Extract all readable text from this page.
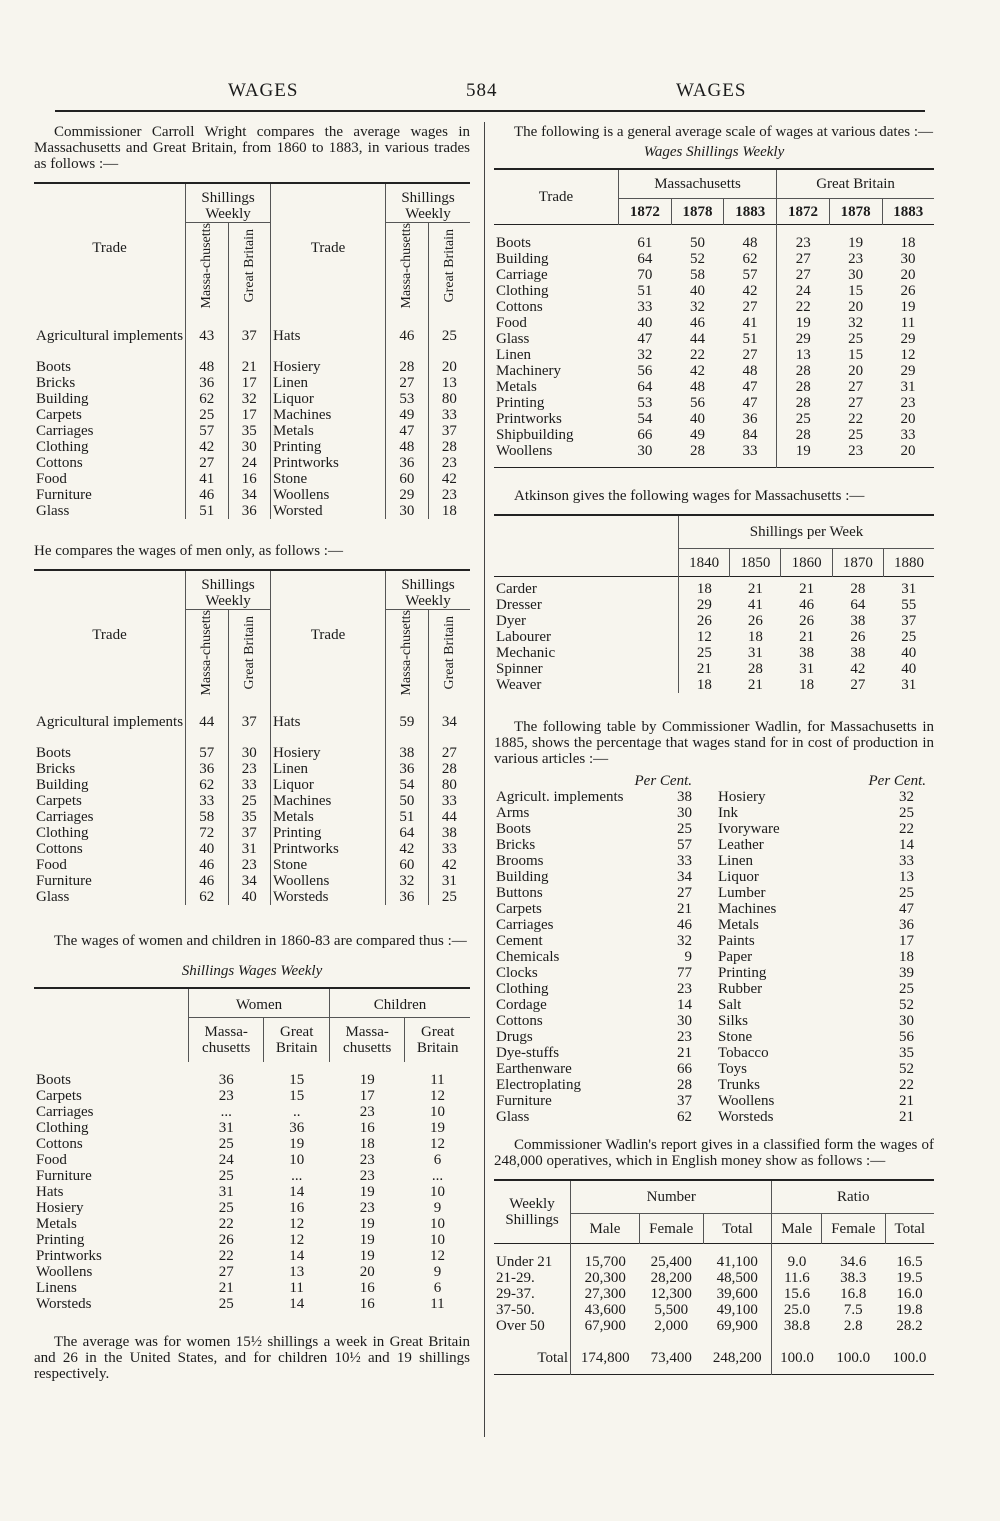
WAGES	584	WAGES

Commissioner Carroll Wright compares the average wages in Massachusetts and Great Britain, from 1860 to 1883, in various trades as follows :—

Trade	Shillings Weekly		Trade	Shillings Weekly	
	Massa-chusetts	Great Britain		Massa-chusetts	Great Britain
Agricultural implements	43	37	Hats	46	25
Boots	48	21	Hosiery	28	20
Bricks	36	17	Linen	27	13
Building	62	32	Liquor	53	80
Carpets	25	17	Machines	49	33
Carriages	57	35	Metals	47	37
Clothing	42	30	Printing	48	28
Cottons	27	24	Printworks	36	23
Food	41	16	Stone	60	42
Furniture	46	34	Woollens	29	23
Glass	51	36	Worsted	30	18

He compares the wages of men only, as follows :—

Trade	Shillings Weekly		Trade	Shillings Weekly	
	Massa-chusetts	Great Britain		Massa-chusetts	Great Britain
Agricultural implements	44	37	Hats	59	34
Boots	57	30	Hosiery	38	27
Bricks	36	23	Linen	36	28
Building	62	33	Liquor	54	80
Carpets	33	25	Machines	50	33
Carriages	58	35	Metals	51	44
Clothing	72	37	Printing	64	38
Cottons	40	31	Printworks	42	33
Food	46	23	Stone	60	42
Furniture	46	34	Woollens	32	31
Glass	62	40	Worsteds	36	25

The wages of women and children in 1860-83 are compared thus :—

Shillings Wages Weekly
	Women		Children	
	Massa-chusetts	Great Britain	Massa-chusetts	Great Britain
Boots	36	15	19	11
Carpets	23	15	17	12
Carriages	...	..	23	10
Clothing	31	36	16	19
Cottons	25	19	18	12
Food	24	10	23	6
Furniture	25	...	23	...
Hats	31	14	19	10
Hosiery	25	16	23	9
Metals	22	12	19	10
Printing	26	12	19	10
Printworks	22	14	19	12
Woollens	27	13	20	9
Linens	21	11	16	6
Worsteds	25	14	16	11

The average was for women 15½ shillings a week in Great Britain and 26 in the United States, and for children 10½ and 19 shillings respectively.

The following is a general average scale of wages at various dates :—

Wages Shillings Weekly
Trade	Massachusetts			Great Britain		
	1872	1878	1883	1872	1878	1883
Boots	61	50	48	23	19	18
Building	64	52	62	27	23	30
Carriage	70	58	57	27	30	20
Clothing	51	40	42	24	15	26
Cottons	33	32	27	22	20	19
Food	40	46	41	19	32	11
Glass	47	44	51	29	25	29
Linen	32	22	27	13	15	12
Machinery	56	42	48	28	20	29
Metals	64	48	47	28	27	31
Printing	53	56	47	28	27	23
Printworks	54	40	36	25	22	20
Shipbuilding	66	49	84	28	25	33
Woollens	30	28	33	19	23	20

Atkinson gives the following wages for Massachusetts :—

	Shillings per Week				
	1840	1850	1860	1870	1880
Carder	18	21	21	28	31
Dresser	29	41	46	64	55
Dyer	26	26	26	38	37
Labourer	12	18	21	26	25
Mechanic	25	31	38	38	40
Spinner	21	28	31	42	40
Weaver	18	21	18	27	31

The following table by Commissioner Wadlin, for Massachusetts in 1885, shows the percentage that wages stand for in cost of production in various articles :—

Per Cent.
Agricult. implements	38
Arms	30
Boots	25
Bricks	57
Brooms	33
Building	34
Buttons	27
Carpets	21
Carriages	46
Cement	32
Chemicals	9
Clocks	77
Clothing	23
Cordage	14
Cottons	30
Drugs	23
Dye-stuffs	21
Earthenware	66
Electroplating	28
Furniture	37
Glass	62
Per Cent.
Hosiery	32
Ink	25
Ivoryware	22
Leather	14
Linen	33
Liquor	13
Lumber	25
Machines	47
Metals	36
Paints	17
Paper	18
Printing	39
Rubber	25
Salt	52
Silks	30
Stone	56
Tobacco	35
Toys	52
Trunks	22
Woollens	21
Worsteds	21

Commissioner Wadlin's report gives in a classified form the wages of 248,000 operatives, which in English money show as follows :—

Weekly Shillings	Number			Ratio		
	Male	Female	Total	Male	Female	Total
Under 21	15,700	25,400	41,100	9.0	34.6	16.5
21-29.	20,300	28,200	48,500	11.6	38.3	19.5
29-37.	27,300	12,300	39,600	15.6	16.8	16.0
37-50.	43,600	5,500	49,100	25.0	7.5	19.8
Over 50	67,900	2,000	69,900	38.8	2.8	28.2
Total	174,800	73,400	248,200	100.0	100.0	100.0
